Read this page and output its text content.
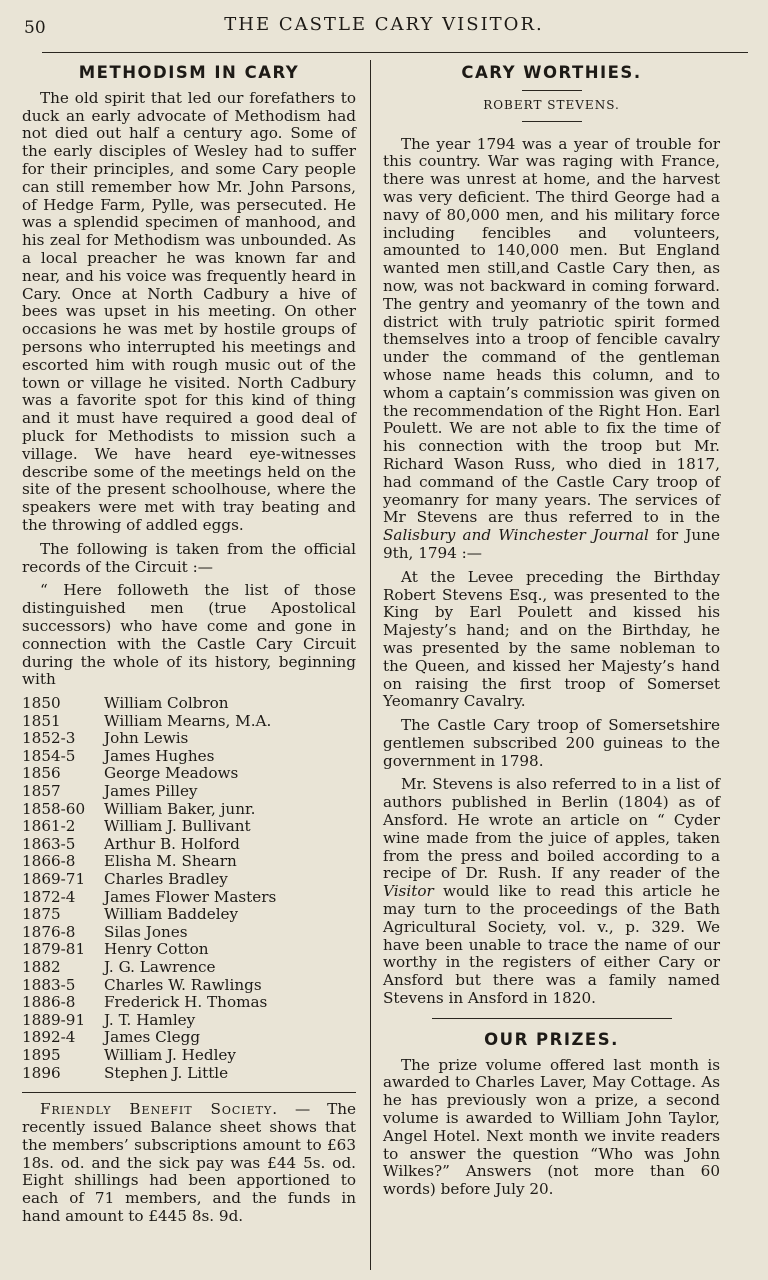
50	THE CASTLE CARY VISITOR.
METHODISM IN CARY

The old spirit that led our forefathers to duck an early advocate of Methodism had not died out half a century ago. Some of the early disciples of Wesley had to suffer for their principles, and some Cary people can still remember how Mr. John Parsons, of Hedge Farm, Pylle, was persecuted. He was a splendid specimen of manhood, and his zeal for Methodism was unbounded. As a local preacher he was known far and near, and his voice was frequently heard in Cary. Once at North Cadbury a hive of bees was upset in his meeting. On other occasions he was met by hostile groups of persons who interrupted his meetings and escorted him with rough music out of the town or village he visited. North Cadbury was a favorite spot for this kind of thing and it must have required a good deal of pluck for Methodists to mission such a village. We have heard eye-witnesses describe some of the meetings held on the site of the present schoolhouse, where the speakers were met with tray beating and the throwing of addled eggs.

The following is taken from the official records of the Circuit :—

“ Here followeth the list of those distinguished men (true Apostolical successors) who have come and gone in connection with the Castle Cary Circuit during the whole of its history, beginning with

1850	William Colbron
1851	William Mearns, M.A.
1852-3	John Lewis
1854-5	James Hughes
1856	George Meadows
1857	James Pilley
1858-60	William Baker, junr.
1861-2	William J. Bullivant
1863-5	Arthur B. Holford
1866-8	Elisha M. Shearn
1869-71	Charles Bradley
1872-4	James Flower Masters
1875	William Baddeley
1876-8	Silas Jones
1879-81	Henry Cotton
1882	J. G. Lawrence
1883-5	Charles W. Rawlings
1886-8	Frederick H. Thomas
1889-91	J. T. Hamley
1892-4	James Clegg
1895	William J. Hedley
1896	Stephen J. Little

Friendly Benefit Society. — The recently issued Balance sheet shows that the members’ subscriptions amount to £63 18s. od. and the sick pay was £44 5s. od. Eight shillings had been apportioned to each of 71 members, and the funds in hand amount to £445 8s. 9d.

CARY WORTHIES.
ROBERT STEVENS.

The year 1794 was a year of trouble for this country. War was raging with France, there was unrest at home, and the harvest was very deficient. The third George had a navy of 80,000 men, and his military force including fencibles and volunteers, amounted to 140,000 men. But England wanted men still,and Castle Cary then, as now, was not backward in coming forward. The gentry and yeomanry of the town and district with truly patriotic spirit formed themselves into a troop of fencible cavalry under the command of the gentleman whose name heads this column, and to whom a captain’s commission was given on the recommendation of the Right Hon. Earl Poulett. We are not able to fix the time of his connection with the troop but Mr. Richard Wason Russ, who died in 1817, had command of the Castle Cary troop of yeomanry for many years. The services of Mr Stevens are thus referred to in the Salisbury and Winchester Journal for June 9th, 1794 :—

At the Levee preceding the Birthday Robert Stevens Esq., was presented to the King by Earl Poulett and kissed his Majesty’s hand; and on the Birthday, he was presented by the same nobleman to the Queen, and kissed her Majesty’s hand on raising the first troop of Somerset Yeomanry Cavalry.

The Castle Cary troop of Somersetshire gentlemen subscribed 200 guineas to the government in 1798.

Mr. Stevens is also referred to in a list of authors published in Berlin (1804) as of Ansford. He wrote an article on “ Cyder wine made from the juice of apples, taken from the press and boiled according to a recipe of Dr. Rush. If any reader of the Visitor would like to read this article he may turn to the proceedings of the Bath Agricultural Society, vol. v., p. 329. We have been unable to trace the name of our worthy in the registers of either Cary or Ansford but there was a family named Stevens in Ansford in 1820.

OUR PRIZES.

The prize volume offered last month is awarded to Charles Laver, May Cottage. As he has previously won a prize, a second volume is awarded to William John Taylor, Angel Hotel. Next month we invite readers to answer the question “Who was John Wilkes?” Answers (not more than 60 words) before July 20.
